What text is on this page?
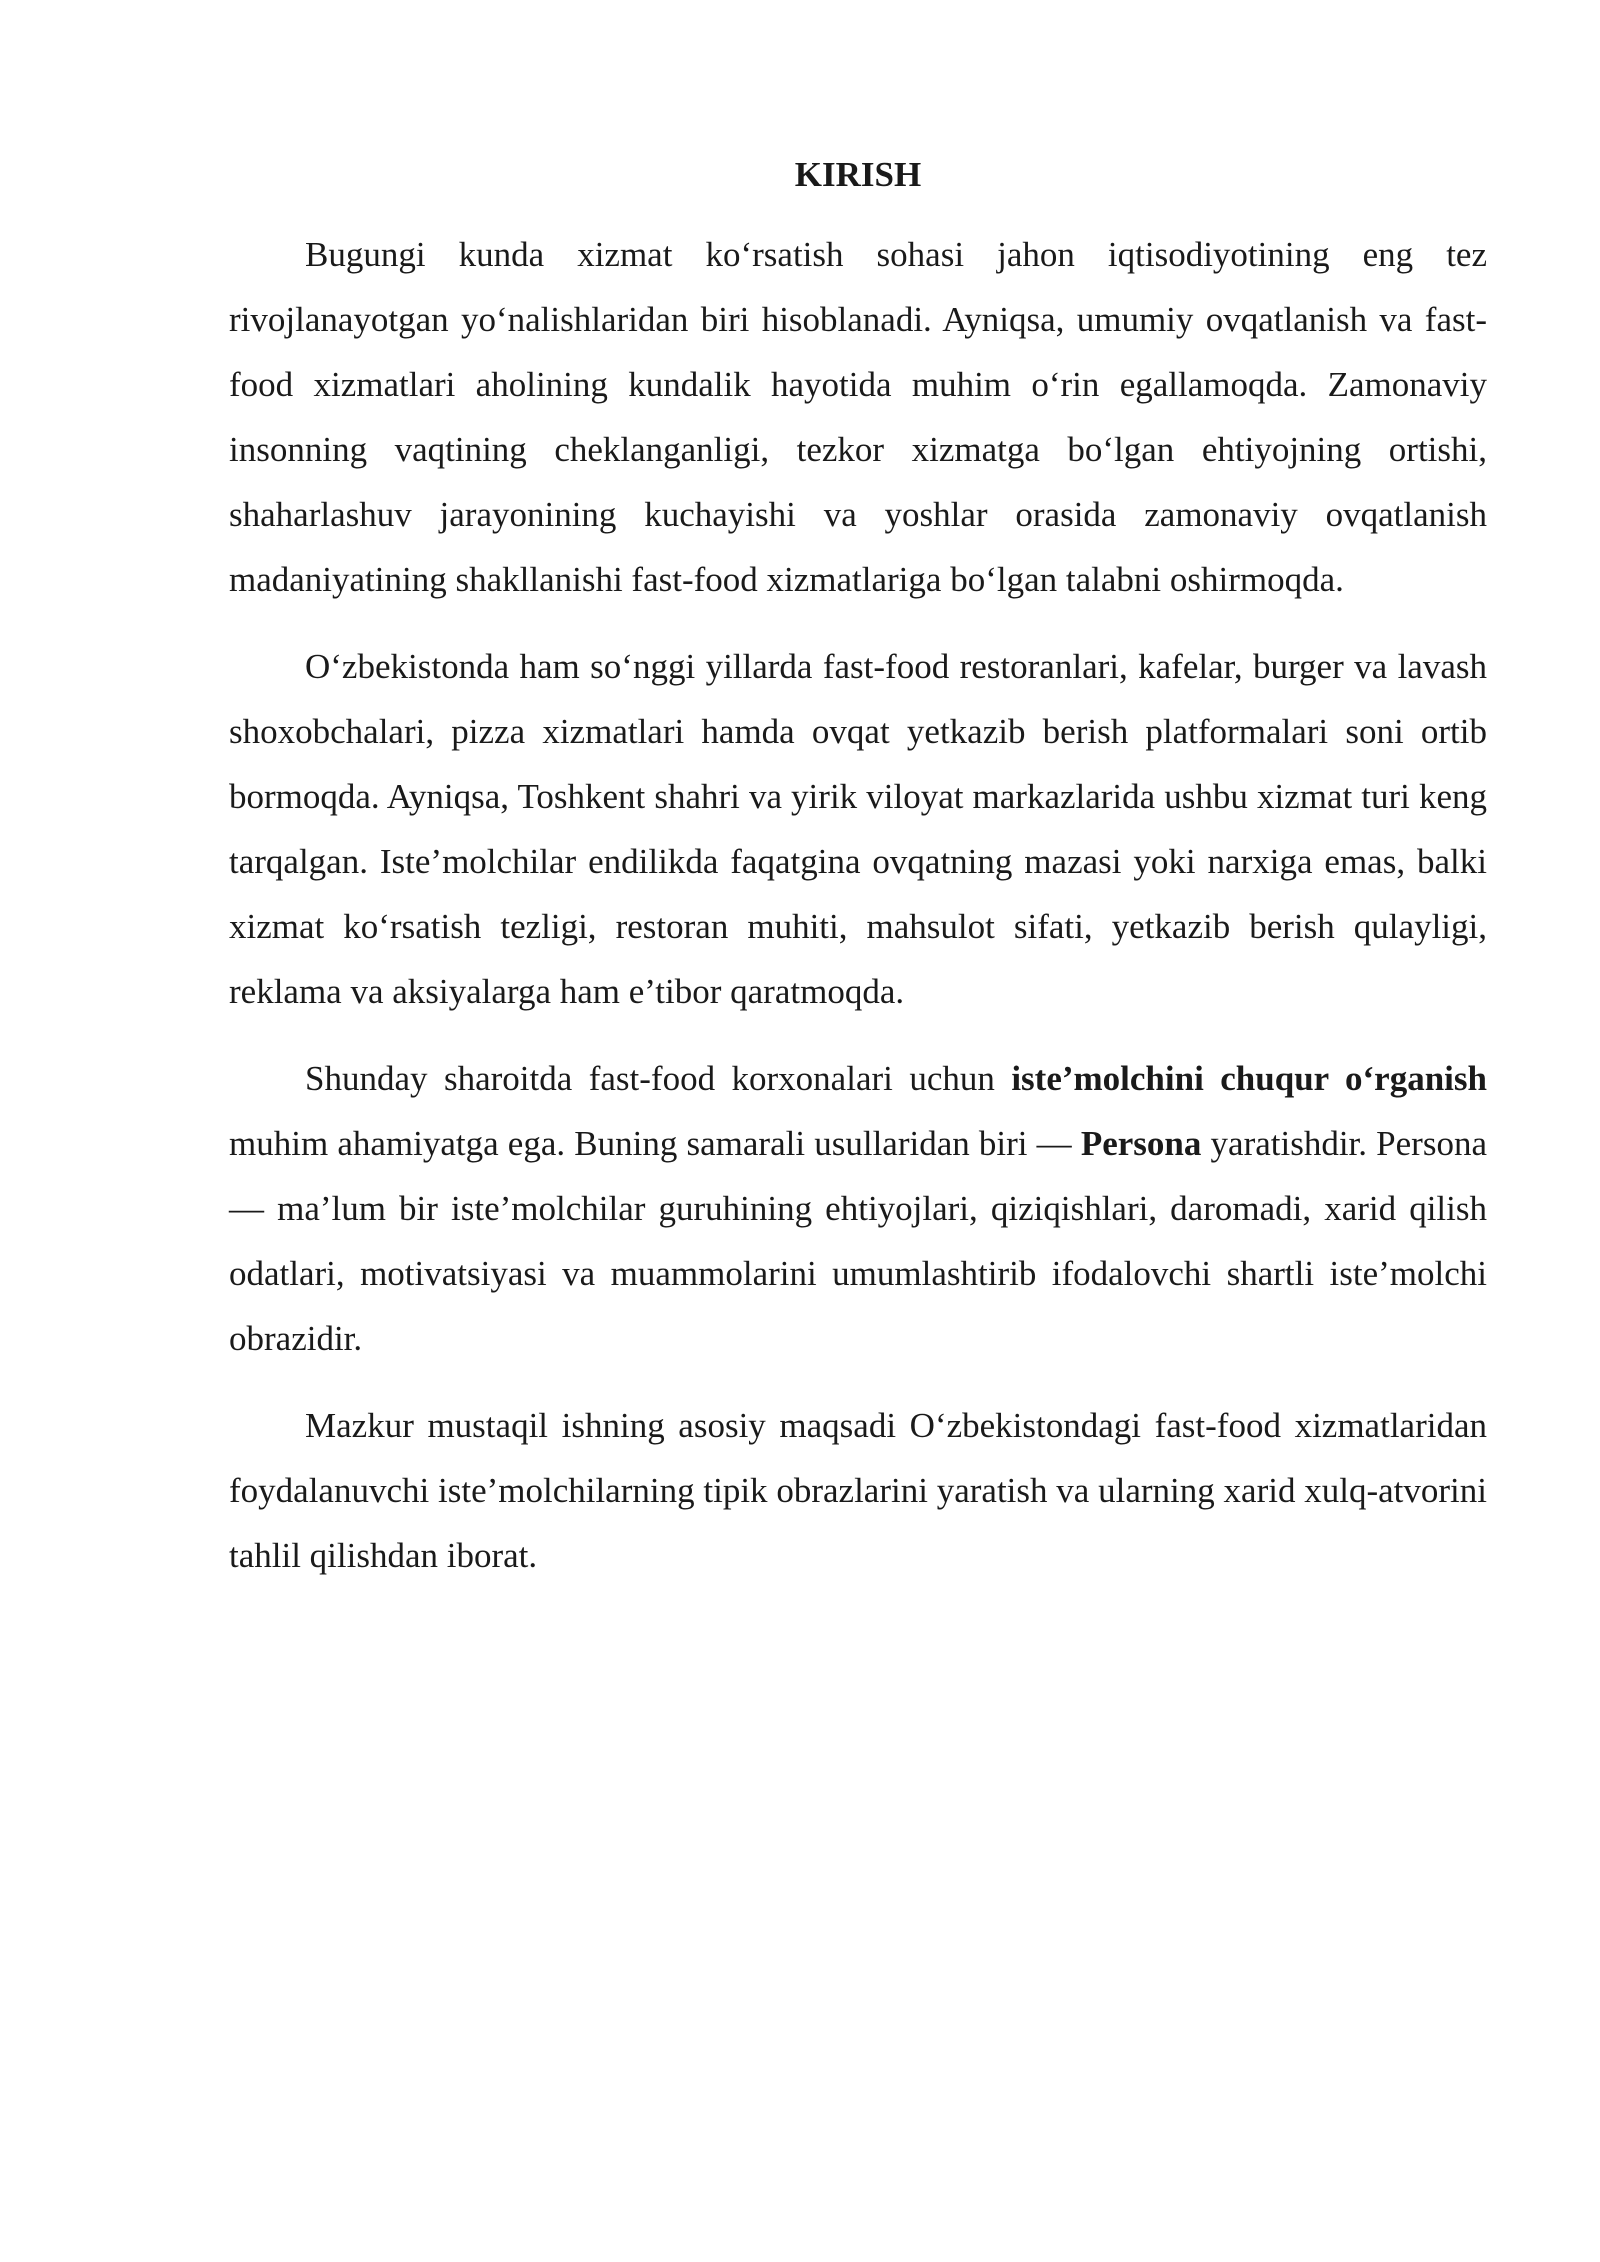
KIRISH

Bugungi kunda xizmat ko‘rsatish sohasi jahon iqtisodiyotining eng tez rivojlanayotgan yo‘nalishlaridan biri hisoblanadi. Ayniqsa, umumiy ovqatlanish va fast-food xizmatlari aholining kundalik hayotida muhim o‘rin egallamoqda. Zamonaviy insonning vaqtining cheklanganligi, tezkor xizmatga bo‘lgan ehtiyojning ortishi, shaharlashuv jarayonining kuchayishi va yoshlar orasida zamonaviy ovqatlanish madaniyatining shakllanishi fast-food xizmatlariga bo‘lgan talabni oshirmoqda.

O‘zbekistonda ham so‘nggi yillarda fast-food restoranlari, kafelar, burger va lavash shoxobchalari, pizza xizmatlari hamda ovqat yetkazib berish platformalari soni ortib bormoqda. Ayniqsa, Toshkent shahri va yirik viloyat markazlarida ushbu xizmat turi keng tarqalgan. Iste’molchilar endilikda faqatgina ovqatning mazasi yoki narxiga emas, balki xizmat ko‘rsatish tezligi, restoran muhiti, mahsulot sifati, yetkazib berish qulayligi, reklama va aksiyalarga ham e’tibor qaratmoqda.

Shunday sharoitda fast-food korxonalari uchun iste’molchini chuqur o‘rganish muhim ahamiyatga ega. Buning samarali usullaridan biri — Persona yaratishdir. Persona — ma’lum bir iste’molchilar guruhining ehtiyojlari, qiziqishlari, daromadi, xarid qilish odatlari, motivatsiyasi va muammolarini umumlashtirib ifodalovchi shartli iste’molchi obrazidir.

Mazkur mustaqil ishning asosiy maqsadi O‘zbekistondagi fast-food xizmatlaridan foydalanuvchi iste’molchilarning tipik obrazlarini yaratish va ularning xarid xulq-atvorini tahlil qilishdan iborat.
